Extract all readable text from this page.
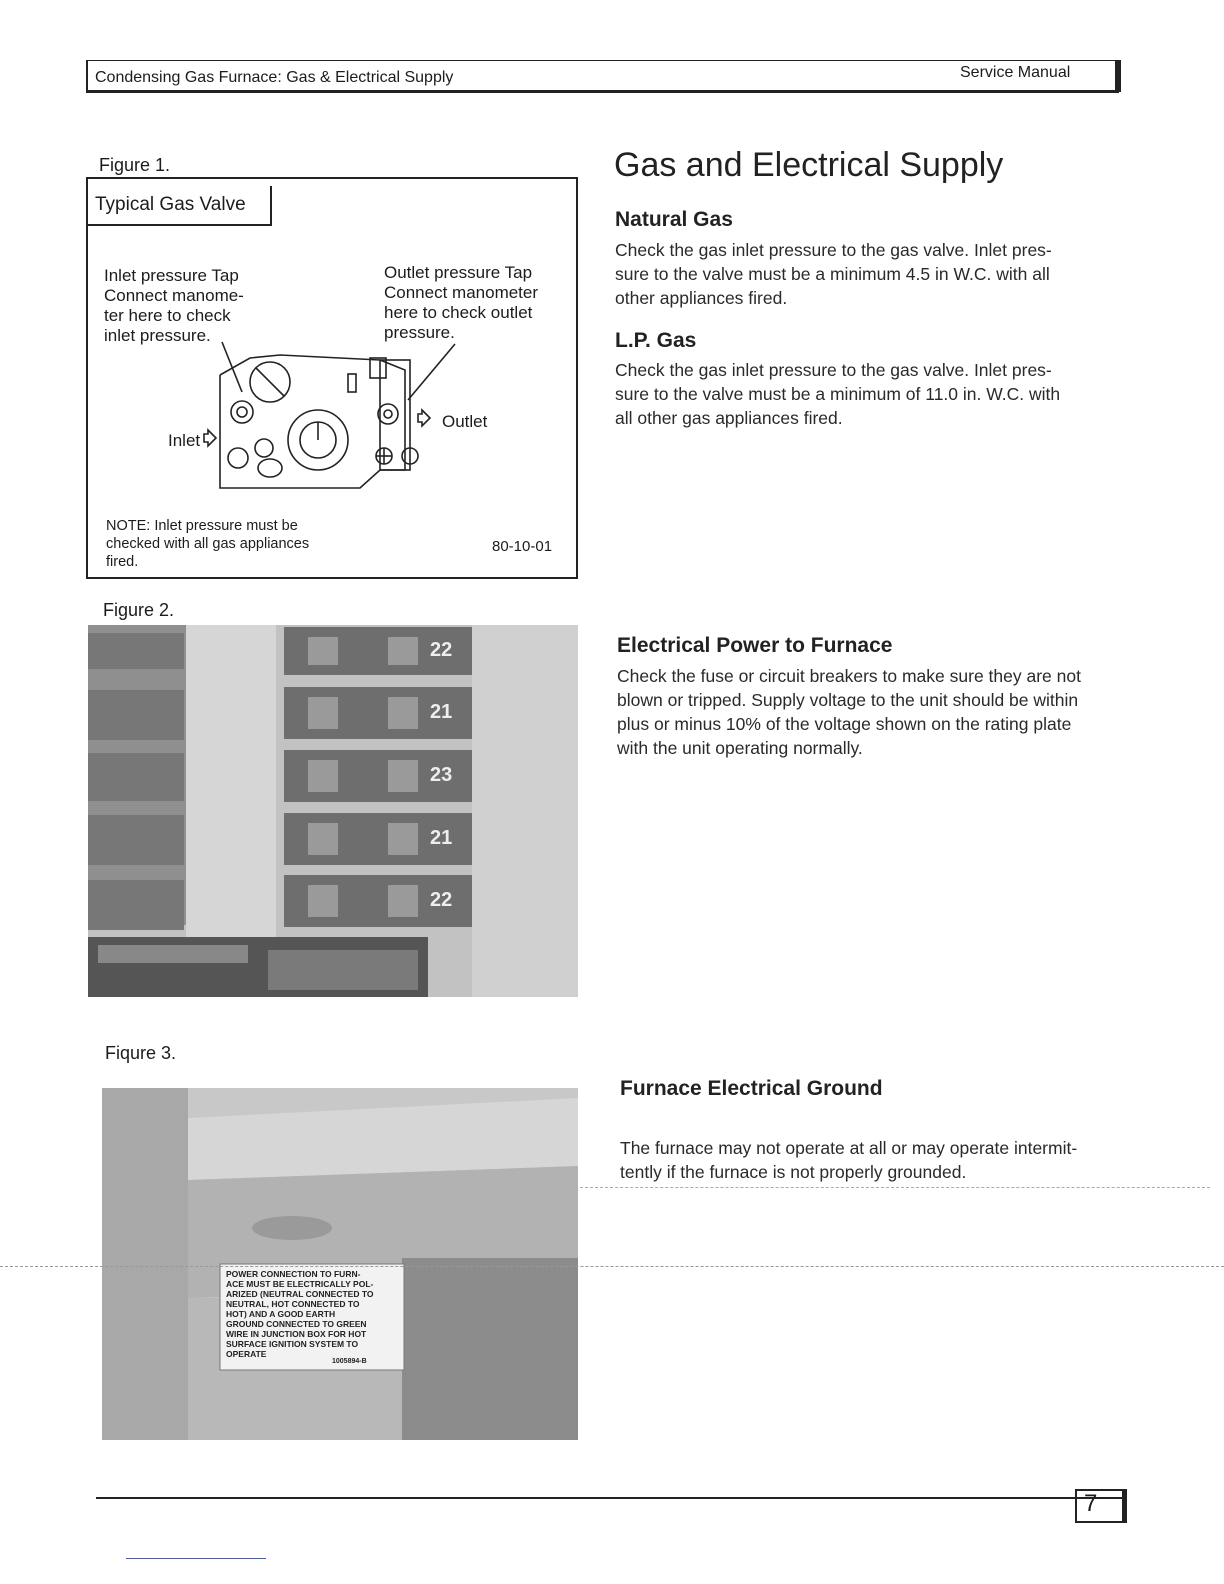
Condensing Gas Furnace: Gas & Electrical Supply	Service Manual
Figure 1.
Typical Gas Valve
Inlet pressure Tap
Connect manome-
ter here to check
inlet pressure.
Outlet pressure Tap
Connect manometer
here to check outlet
pressure.
Inlet
Outlet
NOTE: Inlet pressure must be
checked with all gas appliances
fired.
80-10-01
Figure 2.
22
21
23
21
22
Fiqure 3.
POWER CONNECTION TO FURN-
ACE MUST BE ELECTRICALLY POL-
ARIZED (NEUTRAL CONNECTED TO
NEUTRAL, HOT CONNECTED TO
HOT) AND A GOOD EARTH
GROUND CONNECTED TO GREEN
WIRE IN JUNCTION BOX FOR HOT
SURFACE IGNITION SYSTEM TO
OPERATE
1005894-B
Gas and Electrical Supply
Natural Gas
Check the gas inlet pressure to the gas valve. Inlet pres-
sure to the valve must be a minimum 4.5 in W.C. with all
other appliances fired.
L.P. Gas
Check the gas inlet pressure to the gas valve. Inlet pres-
sure to the valve must be a minimum of 11.0 in. W.C. with
all other gas appliances fired.
Electrical Power to Furnace
Check the fuse or circuit breakers to make sure they are not
blown or tripped. Supply voltage to the unit should be within
plus or minus 10% of the voltage shown on the rating plate
with the unit operating normally.
Furnace Electrical Ground
The furnace may not operate at all or may operate intermit-
tently if the furnace is not properly grounded.
7
